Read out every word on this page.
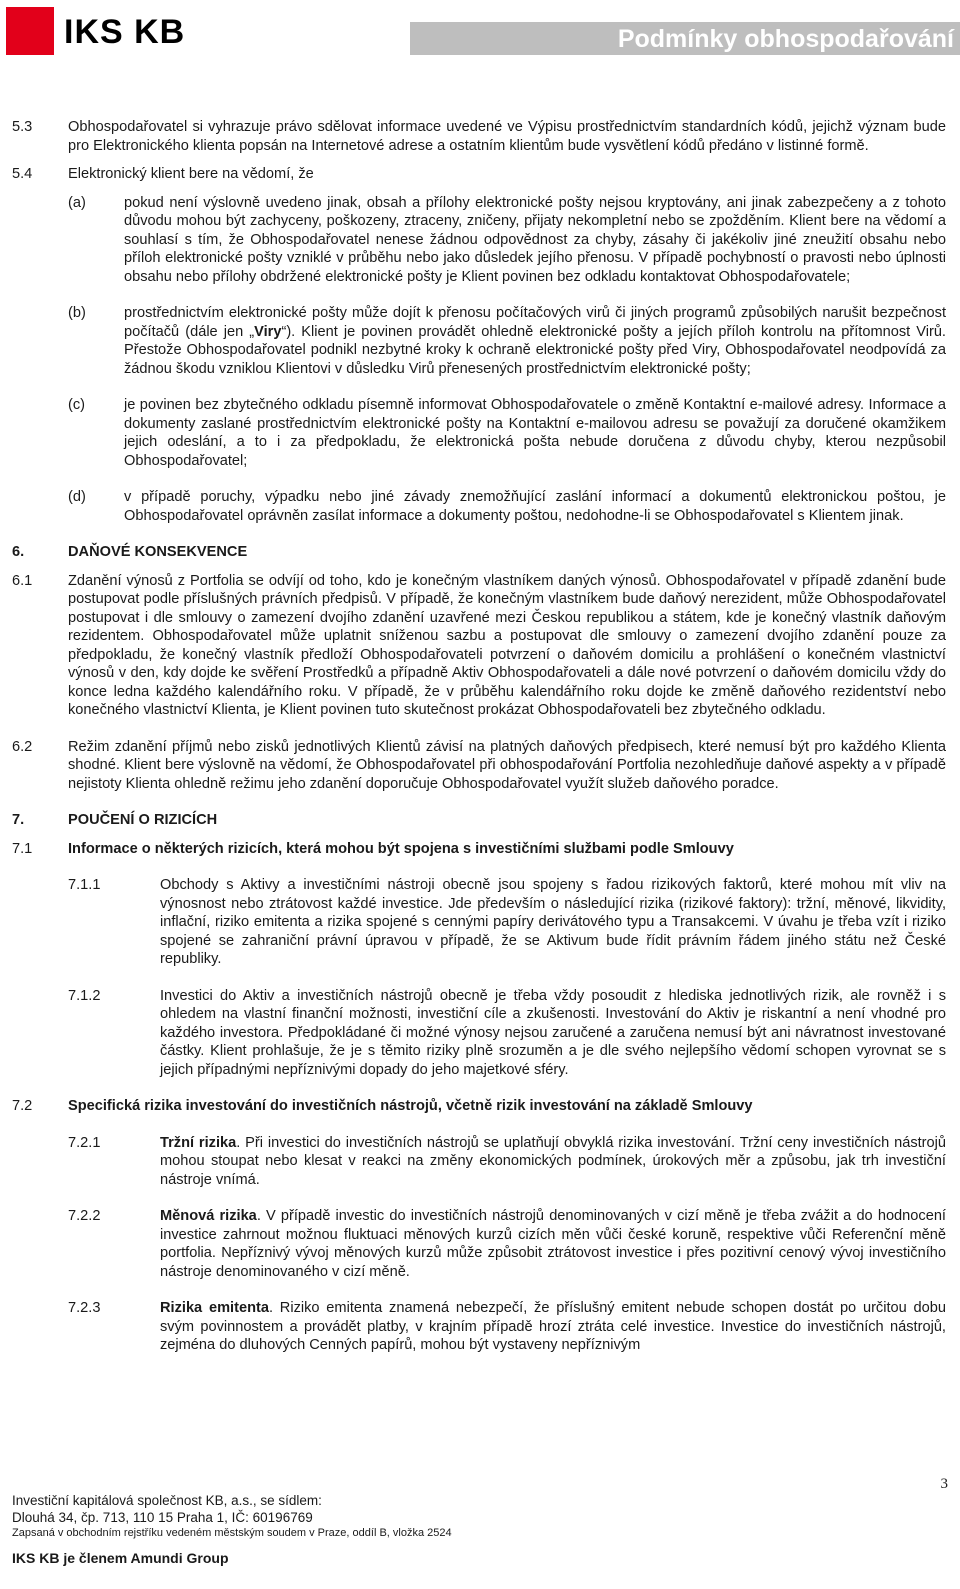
IKS KB	Podmínky obhospodařování
5.3 Obhospodařovatel si vyhrazuje právo sdělovat informace uvedené ve Výpisu prostřednictvím standardních kódů, jejichž význam bude pro Elektronického klienta popsán na Internetové adrese a ostatním klientům bude vysvětlení kódů předáno v listinné formě.
5.4 Elektronický klient bere na vědomí, že
(a)	pokud není výslovně uvedeno jinak, obsah a přílohy elektronické pošty nejsou kryptovány, ani jinak zabezpečeny a z tohoto důvodu mohou být zachyceny, poškozeny, ztraceny, zničeny, přijaty nekompletní nebo se zpožděním. Klient bere na vědomí a souhlasí s tím, že Obhospodařovatel nenese žádnou odpovědnost za chyby, zásahy či jakékoliv jiné zneužití obsahu nebo příloh elektronické pošty vzniklé v průběhu nebo jako důsledek jejího přenosu. V případě pochybností o pravosti nebo úplnosti obsahu nebo přílohy obdržené elektronické pošty je Klient povinen bez odkladu kontaktovat Obhospodařovatele;
(b)	prostřednictvím elektronické pošty může dojít k přenosu počítačových virů či jiných programů způsobilých narušit bezpečnost počítačů (dále jen „Viry“). Klient je povinen provádět ohledně elektronické pošty a jejích příloh kontrolu na přítomnost Virů. Přestože Obhospodařovatel podnikl nezbytné kroky k ochraně elektronické pošty před Viry, Obhospodařovatel neodpovídá za žádnou škodu vzniklou Klientovi v důsledku Virů přenesených prostřednictvím elektronické pošty;
(c)	je povinen bez zbytečného odkladu písemně informovat Obhospodařovatele o změně Kontaktní e-mailové adresy. Informace a dokumenty zaslané prostřednictvím elektronické pošty na Kontaktní e-mailovou adresu se považují za doručené okamžikem jejich odeslání, a to i za předpokladu, že elektronická pošta nebude doručena z důvodu chyby, kterou nezpůsobil Obhospodařovatel;
(d)	v případě poruchy, výpadku nebo jiné závady znemožňující zaslání informací a dokumentů elektronickou poštou, je Obhospodařovatel oprávněn zasílat informace a dokumenty poštou, nedohodne-li se Obhospodařovatel s Klientem jinak.
6.	DAŇOVÉ KONSEKVENCE
6.1 Zdanění výnosů z Portfolia se odvíjí od toho, kdo je konečným vlastníkem daných výnosů. Obhospodařovatel v případě zdanění bude postupovat podle příslušných právních předpisů. V případě, že konečným vlastníkem bude daňový nerezident, může Obhospodařovatel postupovat i dle smlouvy o zamezení dvojího zdanění uzavřené mezi Českou republikou a státem, kde je konečný vlastník daňovým rezidentem. Obhospodařovatel může uplatnit sníženou sazbu a postupovat dle smlouvy o zamezení dvojího zdanění pouze za předpokladu, že konečný vlastník předloží Obhospodařovateli potvrzení o daňovém domicilu a prohlášení o konečném vlastnictví výnosů v den, kdy dojde ke svěření Prostředků a případně Aktiv Obhospodařovateli a dále nové potvrzení o daňovém domicilu vždy do konce ledna každého kalendářního roku. V případě, že v průběhu kalendářního roku dojde ke změně daňového rezidentství nebo konečného vlastnictví Klienta, je Klient povinen tuto skutečnost prokázat Obhospodařovateli bez zbytečného odkladu.
6.2 Režim zdanění příjmů nebo zisků jednotlivých Klientů závisí na platných daňových předpisech, které nemusí být pro každého Klienta shodné. Klient bere výslovně na vědomí, že Obhospodařovatel při obhospodařování Portfolia nezohledňuje daňové aspekty a v případě nejistoty Klienta ohledně režimu jeho zdanění doporučuje Obhospodařovatel využít služeb daňového poradce.
7.	POUČENÍ O RIZICÍCH
7.1 Informace o některých rizicích, která mohou být spojena s investičními službami podle Smlouvy
7.1.1	Obchody s Aktivy a investičními nástroji obecně jsou spojeny s řadou rizikových faktorů, které mohou mít vliv na výnosnost nebo ztrátovost každé investice. Jde především o následující rizika (rizikové faktory): tržní, měnové, likvidity, inflační, riziko emitenta a rizika spojené s cennými papíry derivátového typu a Transakcemi. V úvahu je třeba vzít i riziko spojené se zahraniční právní úpravou v případě, že se Aktivum bude řídit právním řádem jiného státu než České republiky.
7.1.2	Investici do Aktiv a investičních nástrojů obecně je třeba vždy posoudit z hlediska jednotlivých rizik, ale rovněž i s ohledem na vlastní finanční možnosti, investiční cíle a zkušenosti. Investování do Aktiv je riskantní a není vhodné pro každého investora. Předpokládané či možné výnosy nejsou zaručené a zaručena nemusí být ani návratnost investované částky. Klient prohlašuje, že je s těmito riziky plně srozuměn a je dle svého nejlepšího vědomí schopen vyrovnat se s jejich případnými nepříznivými dopady do jeho majetkové sféry.
7.2 Specifická rizika investování do investičních nástrojů, včetně rizik investování na základě Smlouvy
7.2.1	Tržní rizika. Při investici do investičních nástrojů se uplatňují obvyklá rizika investování. Tržní ceny investičních nástrojů mohou stoupat nebo klesat v reakci na změny ekonomických podmínek, úrokových měr a způsobu, jak trh investiční nástroje vnímá.
7.2.2	Měnová rizika. V případě investic do investičních nástrojů denominovaných v cizí měně je třeba zvážit a do hodnocení investice zahrnout možnou fluktuaci měnových kurzů cizích měn vůči české koruně, respektive vůči Referenční měně portfolia. Nepříznivý vývoj měnových kurzů může způsobit ztrátovost investice i přes pozitivní cenový vývoj investičního nástroje denominovaného v cizí měně.
7.2.3	Rizika emitenta. Riziko emitenta znamená nebezpečí, že příslušný emitent nebude schopen dostát po určitou dobu svým povinnostem a provádět platby, v krajním případě hrozí ztráta celé investice. Investice do investičních nástrojů, zejména do dluhových Cenných papírů, mohou být vystaveny nepříznivým
3
Investiční kapitálová společnost KB, a.s., se sídlem:
Dlouhá 34, čp. 713, 110 15 Praha 1, IČ: 60196769
Zapsaná v obchodním rejstříku vedeném městským soudem v Praze, oddíl B, vložka 2524
IKS KB je členem Amundi Group
